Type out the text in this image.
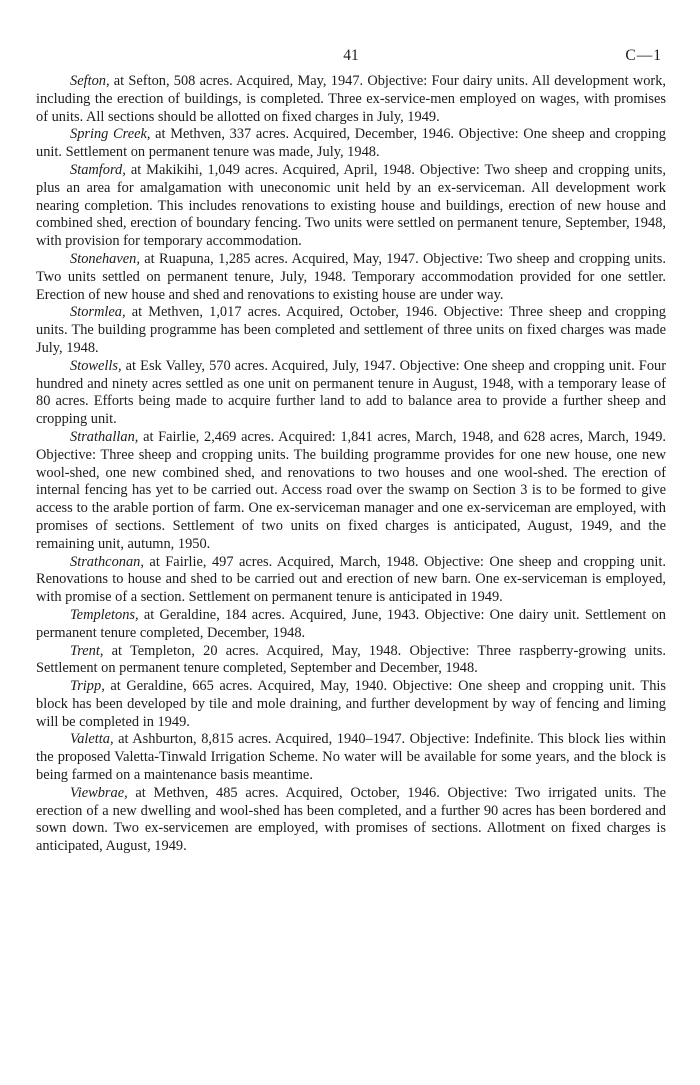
41	C—1

Sefton, at Sefton, 508 acres. Acquired, May, 1947. Objective: Four dairy units. All development work, including the erection of buildings, is completed. Three ex-service-men employed on wages, with promises of units. All sections should be allotted on fixed charges in July, 1949.

Spring Creek, at Methven, 337 acres. Acquired, December, 1946. Objective: One sheep and cropping unit. Settlement on permanent tenure was made, July, 1948.

Stamford, at Makikihi, 1,049 acres. Acquired, April, 1948. Objective: Two sheep and cropping units, plus an area for amalgamation with uneconomic unit held by an ex-serviceman. All development work nearing completion. This includes renovations to existing house and buildings, erection of new house and combined shed, erection of boundary fencing. Two units were settled on permanent tenure, September, 1948, with provision for temporary accommodation.

Stonehaven, at Ruapuna, 1,285 acres. Acquired, May, 1947. Objective: Two sheep and cropping units. Two units settled on permanent tenure, July, 1948. Temporary accommodation provided for one settler. Erection of new house and shed and renovations to existing house are under way.

Stormlea, at Methven, 1,017 acres. Acquired, October, 1946. Objective: Three sheep and cropping units. The building programme has been completed and settlement of three units on fixed charges was made July, 1948.

Stowells, at Esk Valley, 570 acres. Acquired, July, 1947. Objective: One sheep and cropping unit. Four hundred and ninety acres settled as one unit on permanent tenure in August, 1948, with a temporary lease of 80 acres. Efforts being made to acquire further land to add to balance area to provide a further sheep and cropping unit.

Strathallan, at Fairlie, 2,469 acres. Acquired: 1,841 acres, March, 1948, and 628 acres, March, 1949. Objective: Three sheep and cropping units. The building programme provides for one new house, one new wool-shed, one new combined shed, and renovations to two houses and one wool-shed. The erection of internal fencing has yet to be carried out. Access road over the swamp on Section 3 is to be formed to give access to the arable portion of farm. One ex-serviceman manager and one ex-serviceman are employed, with promises of sections. Settlement of two units on fixed charges is anticipated, August, 1949, and the remaining unit, autumn, 1950.

Strathconan, at Fairlie, 497 acres. Acquired, March, 1948. Objective: One sheep and cropping unit. Renovations to house and shed to be carried out and erection of new barn. One ex-serviceman is employed, with promise of a section. Settlement on permanent tenure is anticipated in 1949.

Templetons, at Geraldine, 184 acres. Acquired, June, 1943. Objective: One dairy unit. Settlement on permanent tenure completed, December, 1948.

Trent, at Templeton, 20 acres. Acquired, May, 1948. Objective: Three raspberry-growing units. Settlement on permanent tenure completed, September and December, 1948.

Tripp, at Geraldine, 665 acres. Acquired, May, 1940. Objective: One sheep and cropping unit. This block has been developed by tile and mole draining, and further development by way of fencing and liming will be completed in 1949.

Valetta, at Ashburton, 8,815 acres. Acquired, 1940–1947. Objective: Indefinite. This block lies within the proposed Valetta-Tinwald Irrigation Scheme. No water will be available for some years, and the block is being farmed on a maintenance basis meantime.

Viewbrae, at Methven, 485 acres. Acquired, October, 1946. Objective: Two irrigated units. The erection of a new dwelling and wool-shed has been completed, and a further 90 acres has been bordered and sown down. Two ex-servicemen are employed, with promises of sections. Allotment on fixed charges is anticipated, August, 1949.
